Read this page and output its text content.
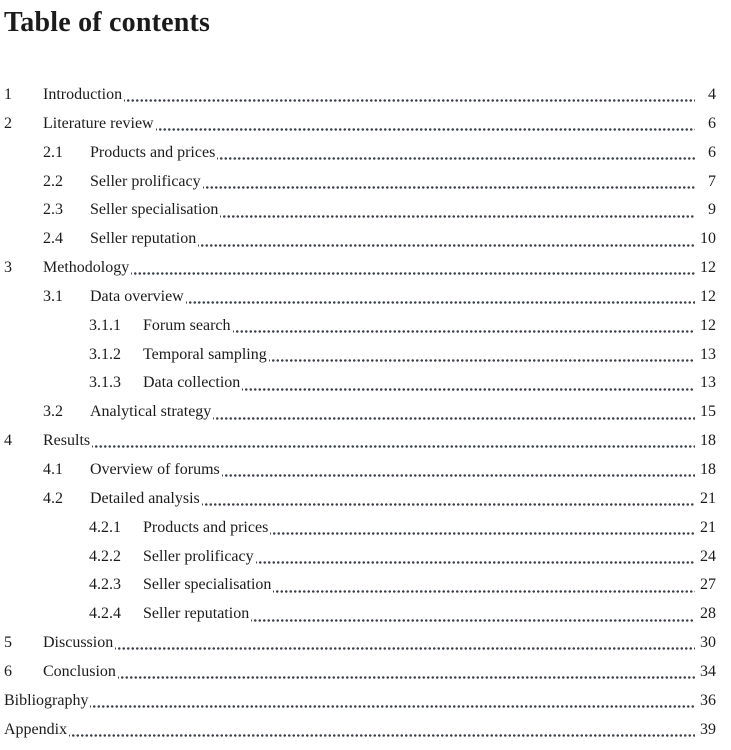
Table of contents
1	Introduction	4
2	Literature review	6
2.1	Products and prices	6
2.2	Seller prolificacy	7
2.3	Seller specialisation	9
2.4	Seller reputation	10
3	Methodology	12
3.1	Data overview	12
3.1.1	Forum search	12
3.1.2	Temporal sampling	13
3.1.3	Data collection	13
3.2	Analytical strategy	15
4	Results	18
4.1	Overview of forums	18
4.2	Detailed analysis	21
4.2.1	Products and prices	21
4.2.2	Seller prolificacy	24
4.2.3	Seller specialisation	27
4.2.4	Seller reputation	28
5	Discussion	30
6	Conclusion	34
Bibliography	36
Appendix	39
